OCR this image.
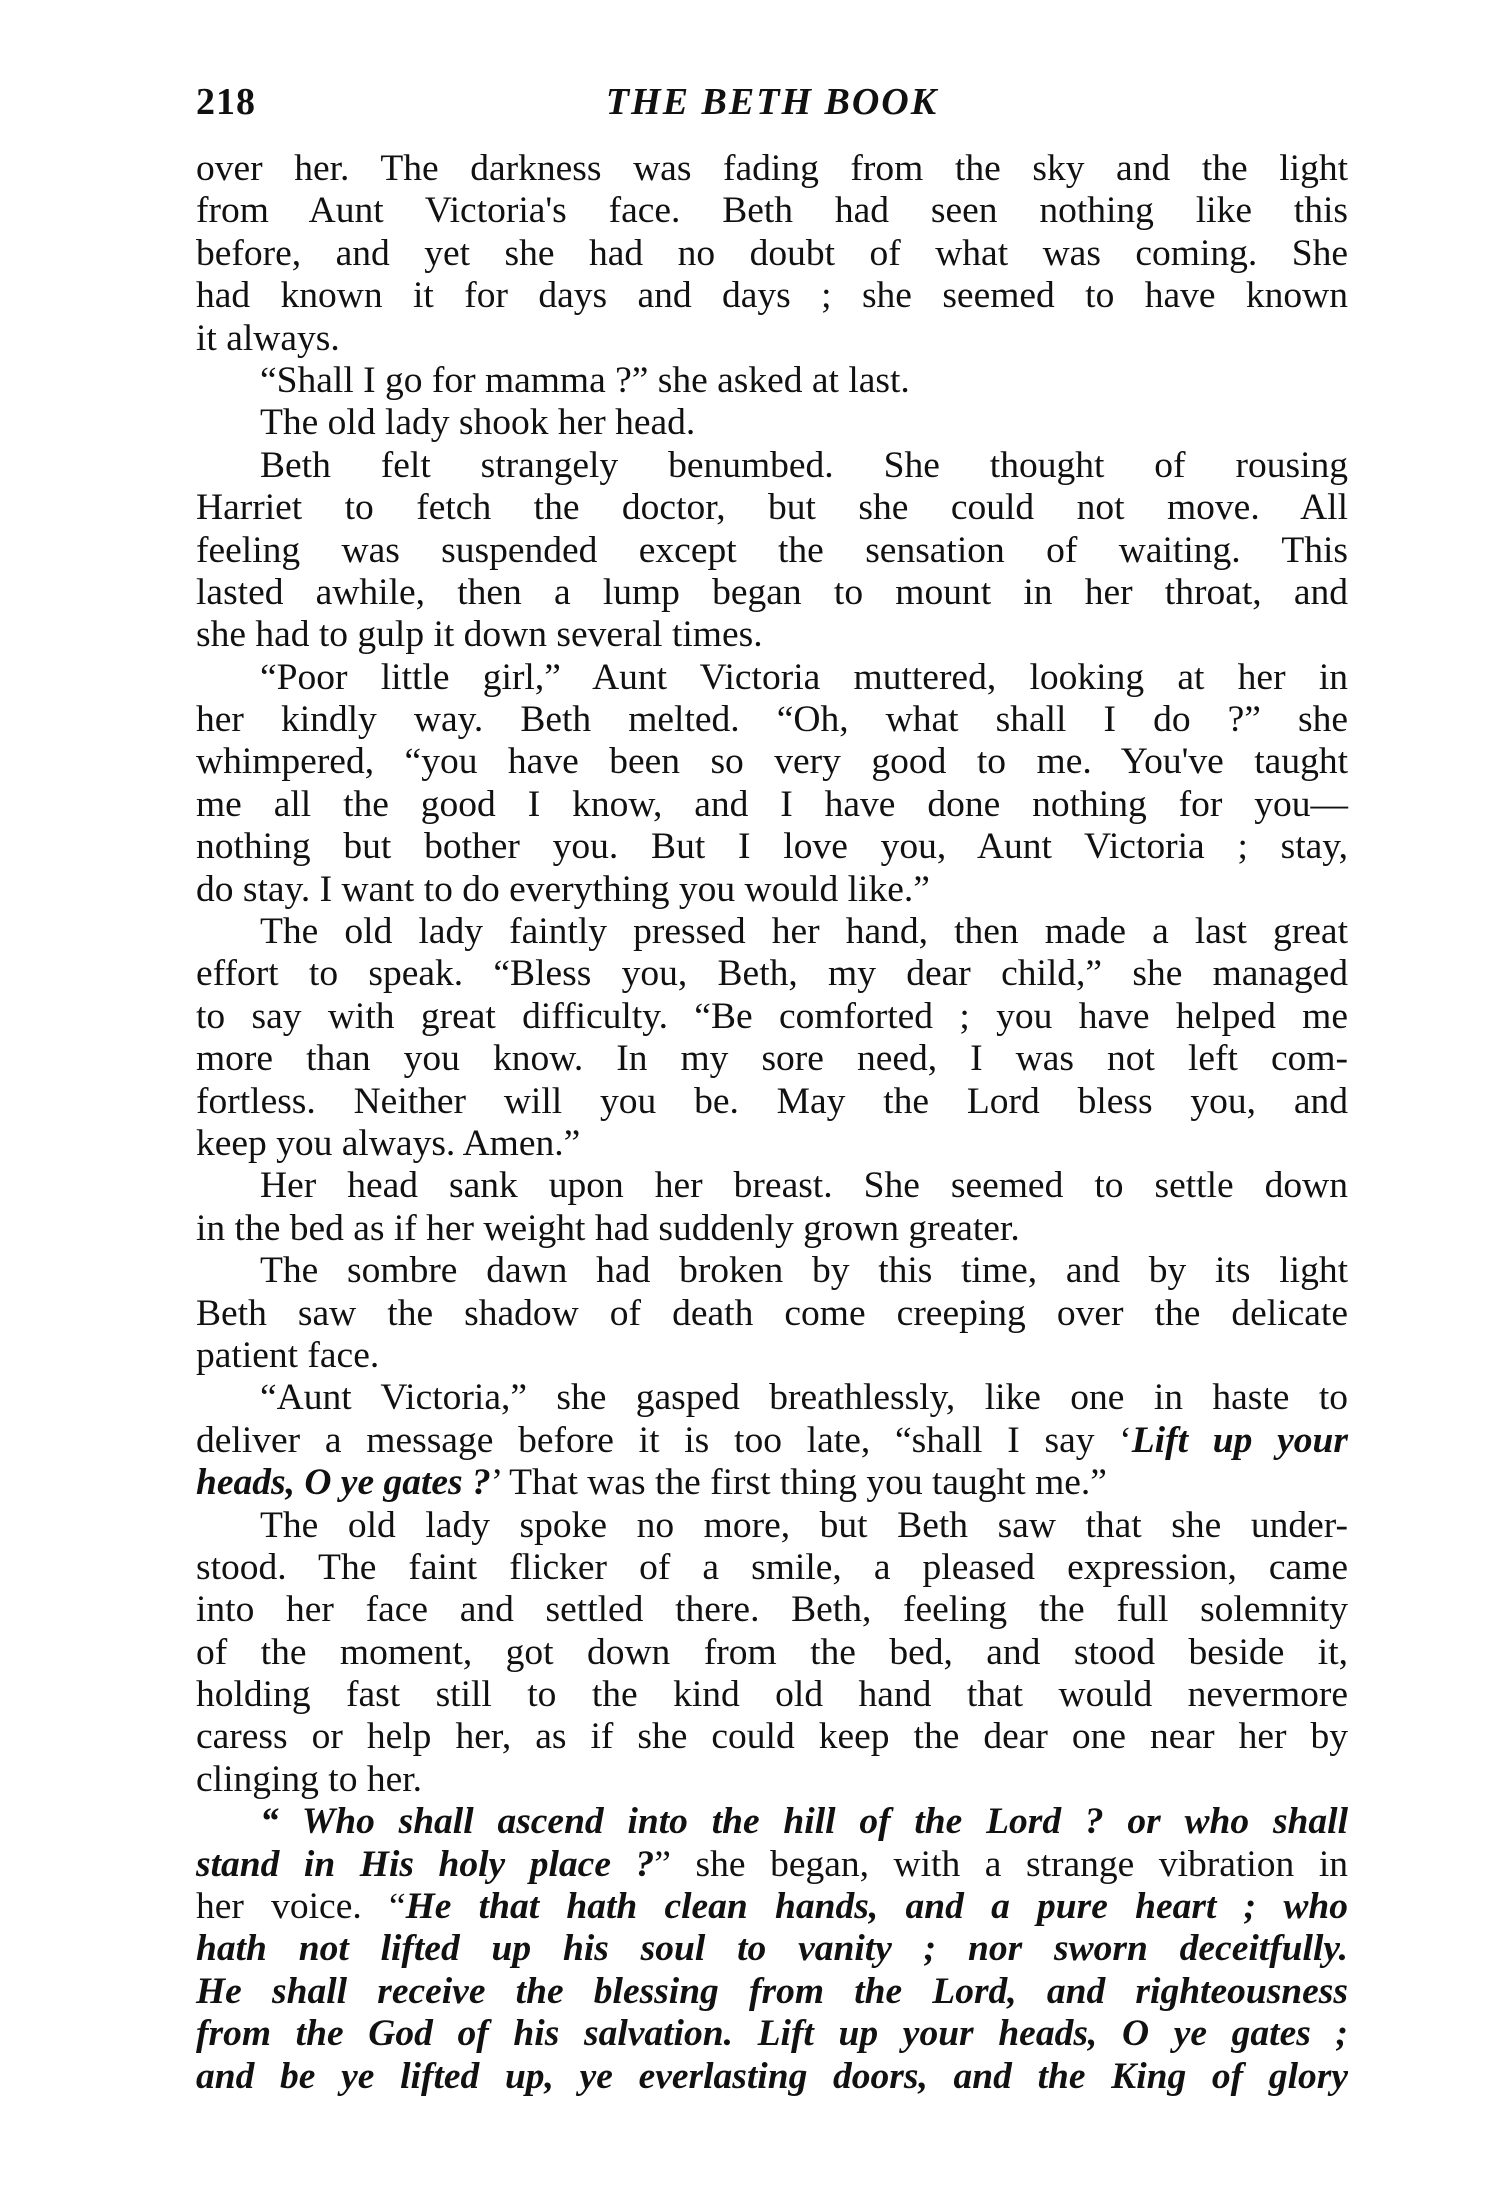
218	THE BETH BOOK
over her. The darkness was fading from the sky and the light
from Aunt Victoria's face. Beth had seen nothing like this
before, and yet she had no doubt of what was coming. She
had known it for days and days ; she seemed to have known
it always.
“Shall I go for mamma ?” she asked at last.
The old lady shook her head.
Beth felt strangely benumbed. She thought of rousing
Harriet to fetch the doctor, but she could not move. All
feeling was suspended except the sensation of waiting. This
lasted awhile, then a lump began to mount in her throat, and
she had to gulp it down several times.
“Poor little girl,” Aunt Victoria muttered, looking at her in
her kindly way. Beth melted. “Oh, what shall I do ?” she
whimpered, “you have been so very good to me. You've taught
me all the good I know, and I have done nothing for you—
nothing but bother you. But I love you, Aunt Victoria ; stay,
do stay. I want to do everything you would like.”
The old lady faintly pressed her hand, then made a last great
effort to speak. “Bless you, Beth, my dear child,” she managed
to say with great difficulty. “Be comforted ; you have helped me
more than you know. In my sore need, I was not left com-
fortless. Neither will you be. May the Lord bless you, and
keep you always. Amen.”
Her head sank upon her breast. She seemed to settle down
in the bed as if her weight had suddenly grown greater.
The sombre dawn had broken by this time, and by its light
Beth saw the shadow of death come creeping over the delicate
patient face.
“Aunt Victoria,” she gasped breathlessly, like one in haste to
deliver a message before it is too late, “shall I say ‘Lift up your
heads, O ye gates ?’ That was the first thing you taught me.”
The old lady spoke no more, but Beth saw that she under-
stood. The faint flicker of a smile, a pleased expression, came
into her face and settled there. Beth, feeling the full solemnity
of the moment, got down from the bed, and stood beside it,
holding fast still to the kind old hand that would nevermore
caress or help her, as if she could keep the dear one near her by
clinging to her.
“ Who shall ascend into the hill of the Lord ? or who shall
stand in His holy place ?” she began, with a strange vibration in
her voice. “He that hath clean hands, and a pure heart ; who
hath not lifted up his soul to vanity ; nor sworn deceitfully.
He shall receive the blessing from the Lord, and righteousness
from the God of his salvation. Lift up your heads, O ye gates ;
and be ye lifted up, ye everlasting doors, and the King of glory
